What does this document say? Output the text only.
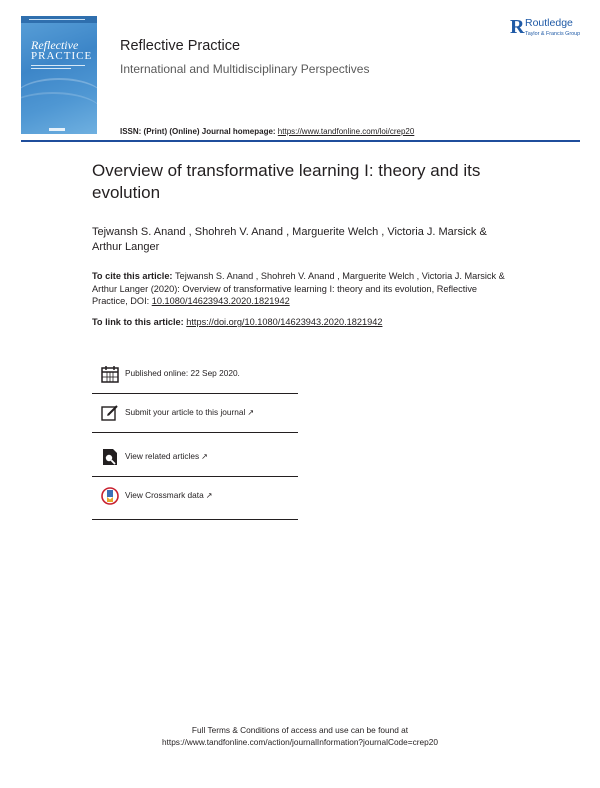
Reflective
PRACTICE
Reflective Practice
International and Multidisciplinary Perspectives
ISSN: (Print) (Online) Journal homepage: https://www.tandfonline.com/loi/crep20
R Routledge
Taylor & Francis Group
Overview of transformative learning I: theory and its evolution
Tejwansh S. Anand , Shohreh V. Anand , Marguerite Welch , Victoria J. Marsick & Arthur Langer
To cite this article: Tejwansh S. Anand , Shohreh V. Anand , Marguerite Welch , Victoria J. Marsick & Arthur Langer (2020): Overview of transformative learning I: theory and its evolution, Reflective Practice, DOI: 10.1080/14623943.2020.1821942
To link to this article: https://doi.org/10.1080/14623943.2020.1821942
Published online: 22 Sep 2020.
Submit your article to this journal ↗
View related articles ↗
View Crossmark data ↗
Full Terms & Conditions of access and use can be found at
https://www.tandfonline.com/action/journalInformation?journalCode=crep20
